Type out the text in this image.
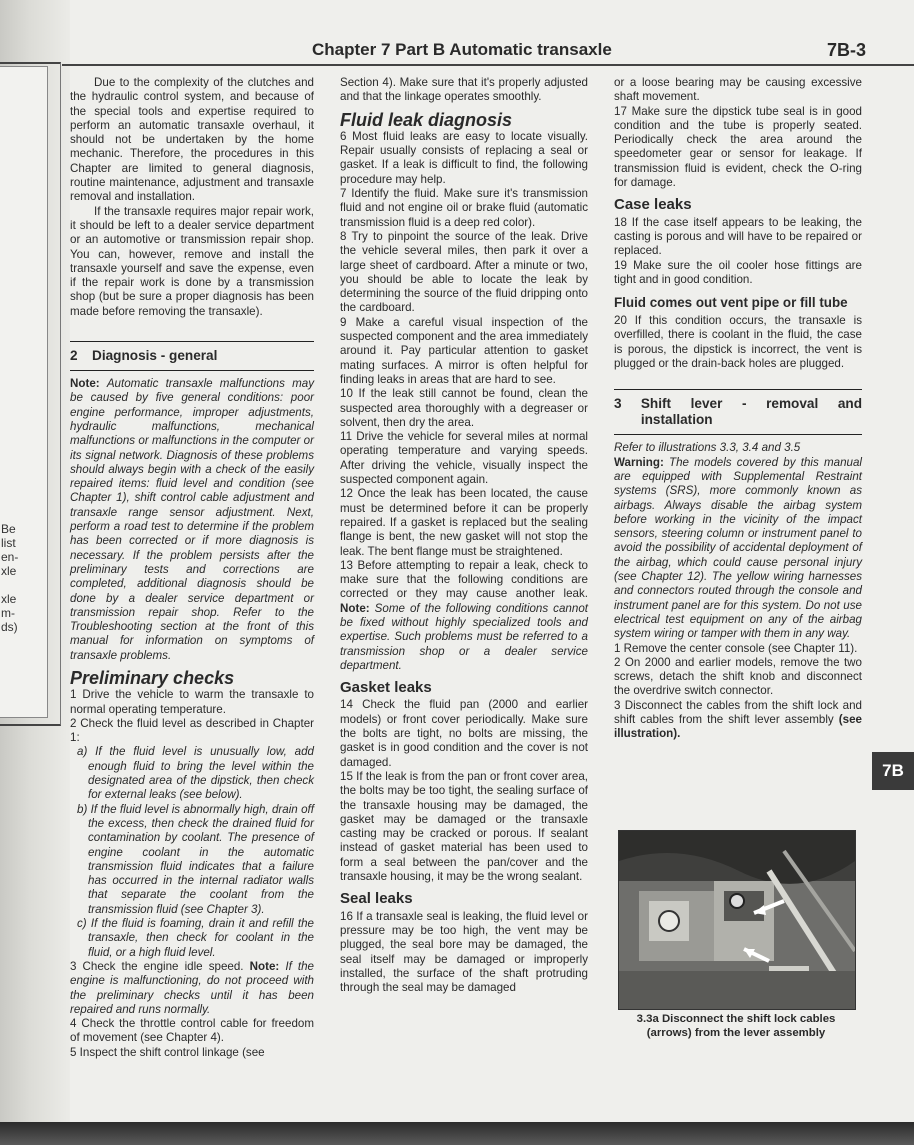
Be
list
en-
xle
xle
m-
ds)
Chapter 7 Part B Automatic transaxle	7B-3

Due to the complexity of the clutches and the hydraulic control system, and because of the special tools and expertise required to perform an automatic transaxle overhaul, it should not be undertaken by the home mechanic. Therefore, the procedures in this Chapter are limited to general diagnosis, routine maintenance, adjustment and transaxle removal and installation.

If the transaxle requires major repair work, it should be left to a dealer service department or an automotive or transmission repair shop. You can, however, remove and install the transaxle yourself and save the expense, even if the repair work is done by a transmission shop (but be sure a proper diagnosis has been made before removing the transaxle).

2 Diagnosis - general

Note: Automatic transaxle malfunctions may be caused by five general conditions: poor engine performance, improper adjustments, hydraulic malfunctions, mechanical malfunctions or malfunctions in the computer or its signal network. Diagnosis of these problems should always begin with a check of the easily repaired items: fluid level and condition (see Chapter 1), shift control cable adjustment and transaxle range sensor adjustment. Next, perform a road test to determine if the problem has been corrected or if more diagnosis is necessary. If the problem persists after the preliminary tests and corrections are completed, additional diagnosis should be done by a dealer service department or transmission repair shop. Refer to the Troubleshooting section at the front of this manual for information on symptoms of transaxle problems.

Preliminary checks

1 Drive the vehicle to warm the transaxle to normal operating temperature.

2 Check the fluid level as described in Chapter 1:

a) If the fluid level is unusually low, add enough fluid to bring the level within the designated area of the dipstick, then check for external leaks (see below).

b) If the fluid level is abnormally high, drain off the excess, then check the drained fluid for contamination by coolant. The presence of engine coolant in the automatic transmission fluid indicates that a failure has occurred in the internal radiator walls that separate the coolant from the transmission fluid (see Chapter 3).

c) If the fluid is foaming, drain it and refill the transaxle, then check for coolant in the fluid, or a high fluid level.

3 Check the engine idle speed. Note: If the engine is malfunctioning, do not proceed with the preliminary checks until it has been repaired and runs normally.

4 Check the throttle control cable for freedom of movement (see Chapter 4).

5 Inspect the shift control linkage (see

Section 4). Make sure that it's properly adjusted and that the linkage operates smoothly.

Fluid leak diagnosis

6 Most fluid leaks are easy to locate visually. Repair usually consists of replacing a seal or gasket. If a leak is difficult to find, the following procedure may help.

7 Identify the fluid. Make sure it's transmission fluid and not engine oil or brake fluid (automatic transmission fluid is a deep red color).

8 Try to pinpoint the source of the leak. Drive the vehicle several miles, then park it over a large sheet of cardboard. After a minute or two, you should be able to locate the leak by determining the source of the fluid dripping onto the cardboard.

9 Make a careful visual inspection of the suspected component and the area immediately around it. Pay particular attention to gasket mating surfaces. A mirror is often helpful for finding leaks in areas that are hard to see.

10 If the leak still cannot be found, clean the suspected area thoroughly with a degreaser or solvent, then dry the area.

11 Drive the vehicle for several miles at normal operating temperature and varying speeds. After driving the vehicle, visually inspect the suspected component again.

12 Once the leak has been located, the cause must be determined before it can be properly repaired. If a gasket is replaced but the sealing flange is bent, the new gasket will not stop the leak. The bent flange must be straightened.

13 Before attempting to repair a leak, check to make sure that the following conditions are corrected or they may cause another leak. Note: Some of the following conditions cannot be fixed without highly specialized tools and expertise. Such problems must be referred to a transmission shop or a dealer service department.

Gasket leaks

14 Check the fluid pan (2000 and earlier models) or front cover periodically. Make sure the bolts are tight, no bolts are missing, the gasket is in good condition and the cover is not damaged.

15 If the leak is from the pan or front cover area, the bolts may be too tight, the sealing surface of the transaxle housing may be damaged, the gasket may be damaged or the transaxle casting may be cracked or porous. If sealant instead of gasket material has been used to form a seal between the pan/cover and the transaxle housing, it may be the wrong sealant.

Seal leaks

16 If a transaxle seal is leaking, the fluid level or pressure may be too high, the vent may be plugged, the seal bore may be damaged, the seal itself may be damaged or improperly installed, the surface of the shaft protruding through the seal may be damaged

or a loose bearing may be causing excessive shaft movement.

17 Make sure the dipstick tube seal is in good condition and the tube is properly seated. Periodically check the area around the speedometer gear or sensor for leakage. If transmission fluid is evident, check the O-ring for damage.

Case leaks

18 If the case itself appears to be leaking, the casting is porous and will have to be repaired or replaced.

19 Make sure the oil cooler hose fittings are tight and in good condition.

Fluid comes out vent pipe or fill tube

20 If this condition occurs, the transaxle is overfilled, there is coolant in the fluid, the case is porous, the dipstick is incorrect, the vent is plugged or the drain-back holes are plugged.

3	Shift lever - removal and installation

Refer to illustrations 3.3, 3.4 and 3.5

Warning: The models covered by this manual are equipped with Supplemental Restraint systems (SRS), more commonly known as airbags. Always disable the airbag system before working in the vicinity of the impact sensors, steering column or instrument panel to avoid the possibility of accidental deployment of the airbag, which could cause personal injury (see Chapter 12). The yellow wiring harnesses and connectors routed through the console and instrument panel are for this system. Do not use electrical test equipment on any of the airbag system wiring or tamper with them in any way.

1 Remove the center console (see Chapter 11).

2 On 2000 and earlier models, remove the two screws, detach the shift knob and disconnect the overdrive switch connector.

3 Disconnect the cables from the shift lock and shift cables from the shift lever assembly (see illustration).

7B
3.3a Disconnect the shift lock cables (arrows) from the lever assembly
